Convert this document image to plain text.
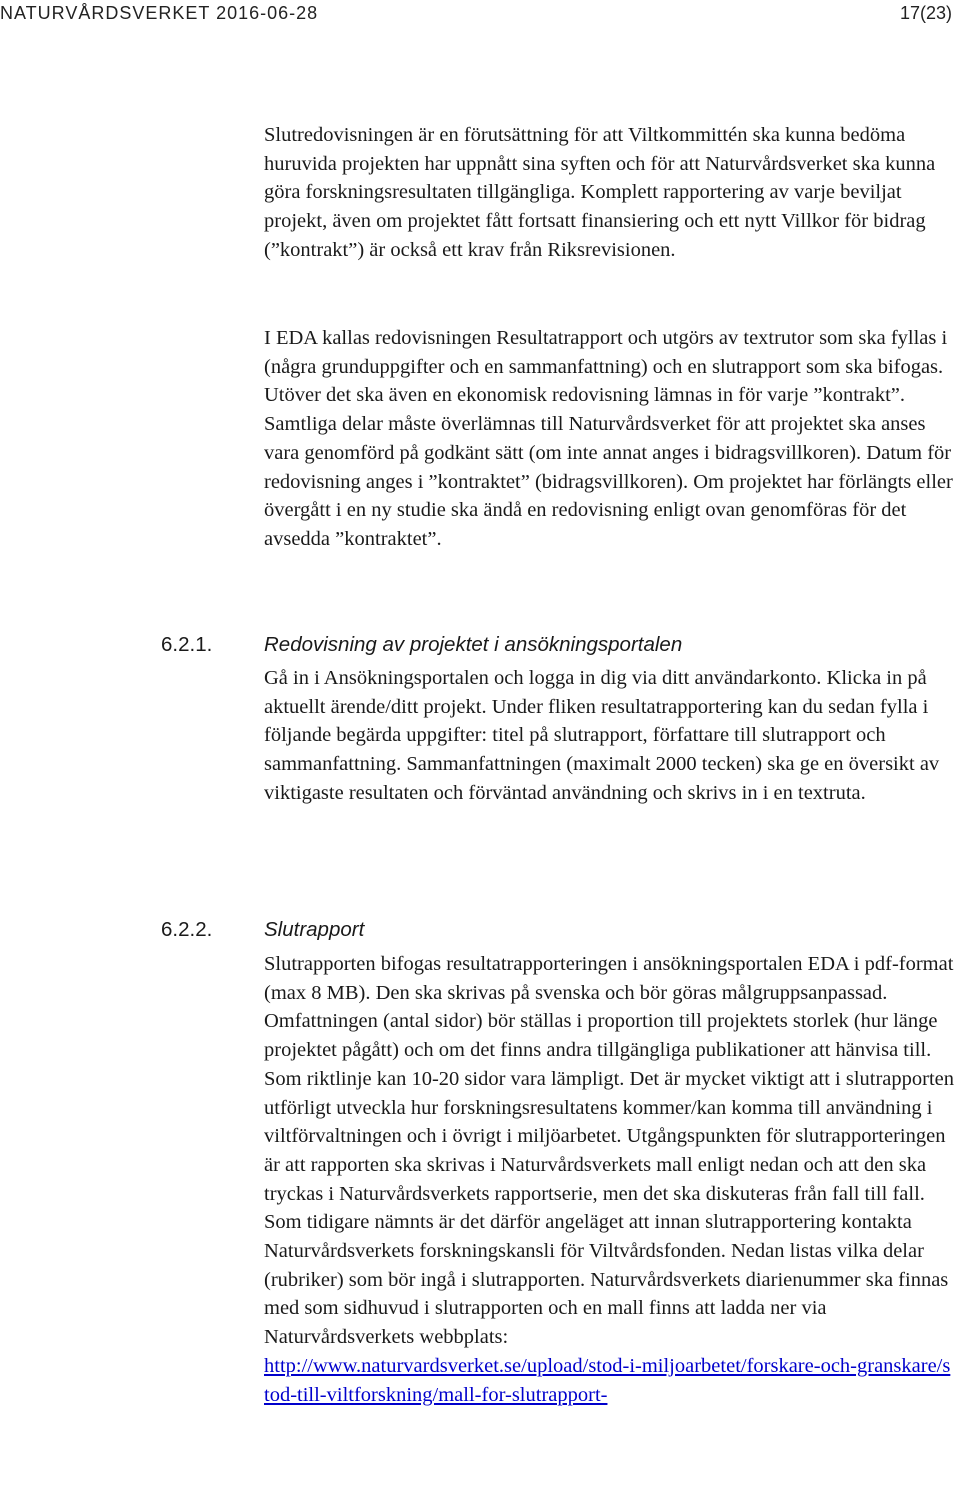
NATURVÅRDSVERKET 2016-06-28	17(23)

Slutredovisningen är en förutsättning för att Viltkommittén ska kunna bedöma huruvida projekten har uppnått sina syften och för att Naturvårdsverket ska kunna göra forskningsresultaten tillgängliga. Komplett rapportering av varje beviljat projekt, även om projektet fått fortsatt finansiering och ett nytt Villkor för bidrag (”kontrakt”) är också ett krav från Riksrevisionen.

I EDA kallas redovisningen Resultatrapport och utgörs av textrutor som ska fyllas i (några grunduppgifter och en sammanfattning) och en slutrapport som ska bifogas. Utöver det ska även en ekonomisk redovisning lämnas in för varje ”kontrakt”. Samtliga delar måste överlämnas till Naturvårdsverket för att projektet ska anses vara genomförd på godkänt sätt (om inte annat anges i bidragsvillkoren). Datum för redovisning anges i ”kontraktet” (bidragsvillkoren). Om projektet har förlängts eller övergått i en ny studie ska ändå en redovisning enligt ovan genomföras för det avsedda ”kontraktet”.

6.2.1.	Redovisning av projektet i ansökningsportalen

Gå in i Ansökningsportalen och logga in dig via ditt användarkonto. Klicka in på aktuellt ärende/ditt projekt. Under fliken resultatrapportering kan du sedan fylla i följande begärda uppgifter: titel på slutrapport, författare till slutrapport och sammanfattning. Sammanfattningen (maximalt 2000 tecken) ska ge en översikt av viktigaste resultaten och förväntad användning och skrivs in i en textruta.

6.2.2.	Slutrapport

Slutrapporten bifogas resultatrapporteringen i ansökningsportalen EDA i pdf-format (max 8 MB). Den ska skrivas på svenska och bör göras målgruppsanpassad. Omfattningen (antal sidor) bör ställas i proportion till projektets storlek (hur länge projektet pågått) och om det finns andra tillgängliga publikationer att hänvisa till. Som riktlinje kan 10-20 sidor vara lämpligt. Det är mycket viktigt att i slutrapporten utförligt utveckla hur forskningsresultatens kommer/kan komma till användning i viltförvaltningen och i övrigt i miljöarbetet. Utgångspunkten för slutrapporteringen är att rapporten ska skrivas i Naturvårdsverkets mall enligt nedan och att den ska tryckas i Naturvårdsverkets rapportserie, men det ska diskuteras från fall till fall. Som tidigare nämnts är det därför angeläget att innan slutrapportering kontakta Naturvårdsverkets forskningskansli för Viltvårdsfonden. Nedan listas vilka delar (rubriker) som bör ingå i slutrapporten. Naturvårdsverkets diarienummer ska finnas med som sidhuvud i slutrapporten och en mall finns att ladda ner via Naturvårdsverkets webbplats:

http://www.naturvardsverket.se/upload/stod-i-miljoarbetet/forskare-och-granskare/stod-till-viltforskning/mall-for-slutrapport-
